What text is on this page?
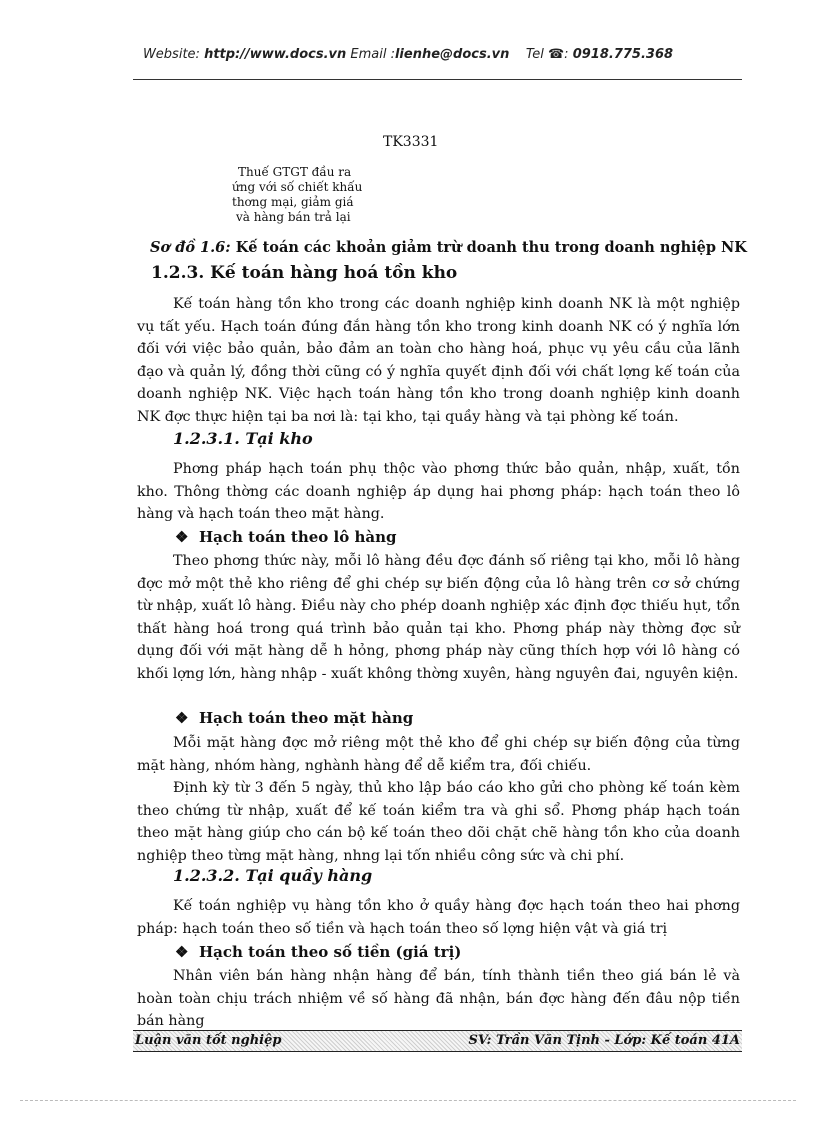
Website: http://www.docs.vn Email :lienhe@docs.vn Tel ☎: 0918.775.368
TK3331
Thuế GTGT đầu ra
ứng với số chiết khấu
thơng mại, giảm giá
và hàng bán trả lại
Sơ đồ 1.6: Kế toán các khoản giảm trừ doanh thu trong doanh nghiệp NK
1.2.3. Kế toán hàng hoá tồn kho

Kế toán hàng tồn kho trong các doanh nghiệp kinh doanh NK là một nghiệp vụ tất yếu. Hạch toán đúng đắn hàng tồn kho trong kinh doanh NK có ý nghĩa lớn đối với việc bảo quản, bảo đảm an toàn cho hàng hoá, phục vụ yêu cầu của lãnh đạo và quản lý, đồng thời cũng có ý nghĩa quyết định đối với chất lợng kế toán của doanh nghiệp NK. Việc hạch toán hàng tồn kho trong doanh nghiệp kinh doanh NK đợc thực hiện tại ba nơi là: tại kho, tại quầy hàng và tại phòng kế toán.

1.2.3.1. Tại kho

Phơng pháp hạch toán phụ thộc vào phơng thức bảo quản, nhập, xuất, tồn kho. Thông thờng các doanh nghiệp áp dụng hai phơng pháp: hạch toán theo lô hàng và hạch toán theo mặt hàng.

❖ Hạch toán theo lô hàng

Theo phơng thức này, mỗi lô hàng đều đợc đánh số riêng tại kho, mỗi lô hàng đợc mở một thẻ kho riêng để ghi chép sự biến động của lô hàng trên cơ sở chứng từ nhập, xuất lô hàng. Điều này cho phép doanh nghiệp xác định đợc thiếu hụt, tổn thất hàng hoá trong quá trình bảo quản tại kho. Phơng pháp này thờng đợc sử dụng đối với mặt hàng dễ h hỏng, phơng pháp này cũng thích hợp với lô hàng có khối lợng lớn, hàng nhập - xuất không thờng xuyên, hàng nguyên đai, nguyên kiện.

❖ Hạch toán theo mặt hàng

Mỗi mặt hàng đợc mở riêng một thẻ kho để ghi chép sự biến động của từng mặt hàng, nhóm hàng, nghành hàng để dễ kiểm tra, đối chiếu.

Định kỳ từ 3 đến 5 ngày, thủ kho lập báo cáo kho gửi cho phòng kế toán kèm theo chứng từ nhập, xuất để kế toán kiểm tra và ghi sổ. Phơng pháp hạch toán theo mặt hàng giúp cho cán bộ kế toán theo dõi chặt chẽ hàng tồn kho của doanh nghiệp theo từng mặt hàng, nhng lại tốn nhiều công sức và chi phí.

1.2.3.2. Tại quầy hàng

Kế toán nghiệp vụ hàng tồn kho ở quầy hàng đợc hạch toán theo hai phơng pháp: hạch toán theo số tiền và hạch toán theo số lợng hiện vật và giá trị

❖ Hạch toán theo số tiền (giá trị)

Nhân viên bán hàng nhận hàng để bán, tính thành tiền theo giá bán lẻ và hoàn toàn chịu trách nhiệm về số hàng đã nhận, bán đợc hàng đến đâu nộp tiền bán hàng

Luận văn tốt nghiệp	SV: Trần Văn Tịnh - Lớp: Kế toán 41A
